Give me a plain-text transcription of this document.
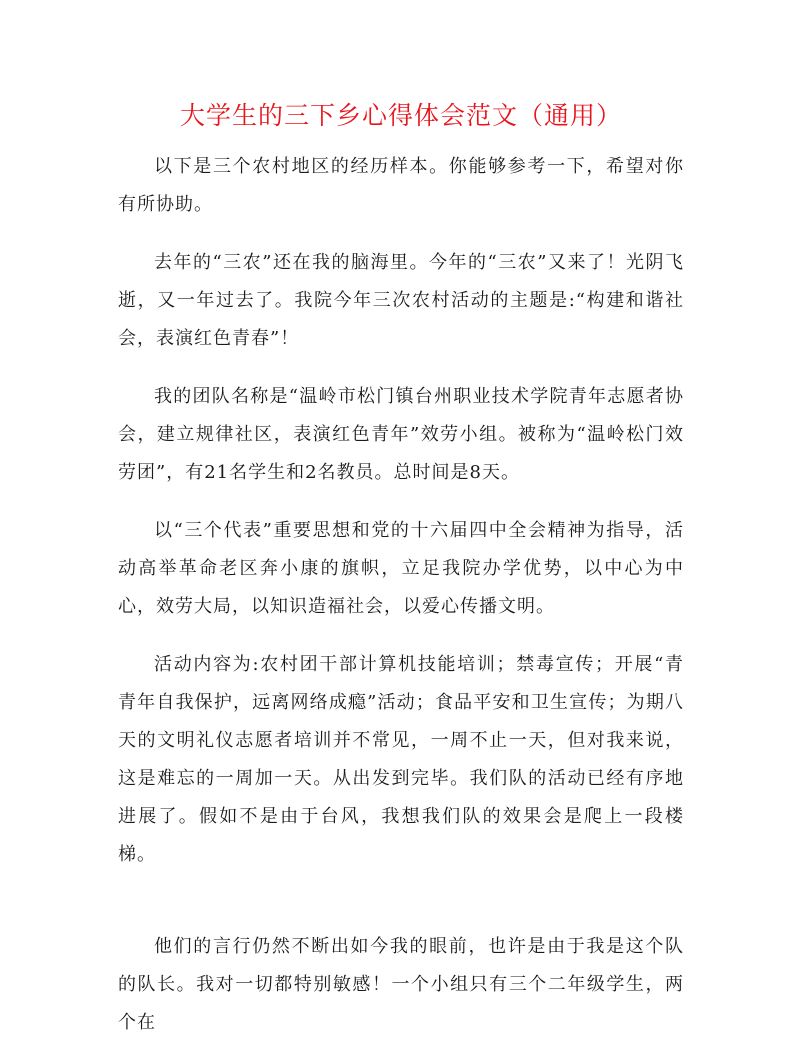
大学生的三下乡心得体会范文（通用）

以下是三个农村地区的经历样本。你能够参考一下，希望对你有所协助。

去年的“三农”还在我的脑海里。今年的“三农”又来了！光阴飞逝，又一年过去了。我院今年三次农村活动的主题是:“构建和谐社会，表演红色青春”！

我的团队名称是“温岭市松门镇台州职业技术学院青年志愿者协会，建立规律社区，表演红色青年”效劳小组。被称为“温岭松门效劳团”，有21名学生和2名教员。总时间是8天。

以“三个代表”重要思想和党的十六届四中全会精神为指导，活动高举革命老区奔小康的旗帜，立足我院办学优势，以中心为中心，效劳大局，以知识造福社会，以爱心传播文明。

活动内容为:农村团干部计算机技能培训；禁毒宣传；开展“青青年自我保护，远离网络成瘾”活动；食品平安和卫生宣传；为期八天的文明礼仪志愿者培训并不常见，一周不止一天，但对我来说，这是难忘的一周加一天。从出发到完毕。我们队的活动已经有序地进展了。假如不是由于台风，我想我们队的效果会是爬上一段楼梯。

他们的言行仍然不断出如今我的眼前，也许是由于我是这个队的队长。我对一切都特别敏感！一个小组只有三个二年级学生，两个在
